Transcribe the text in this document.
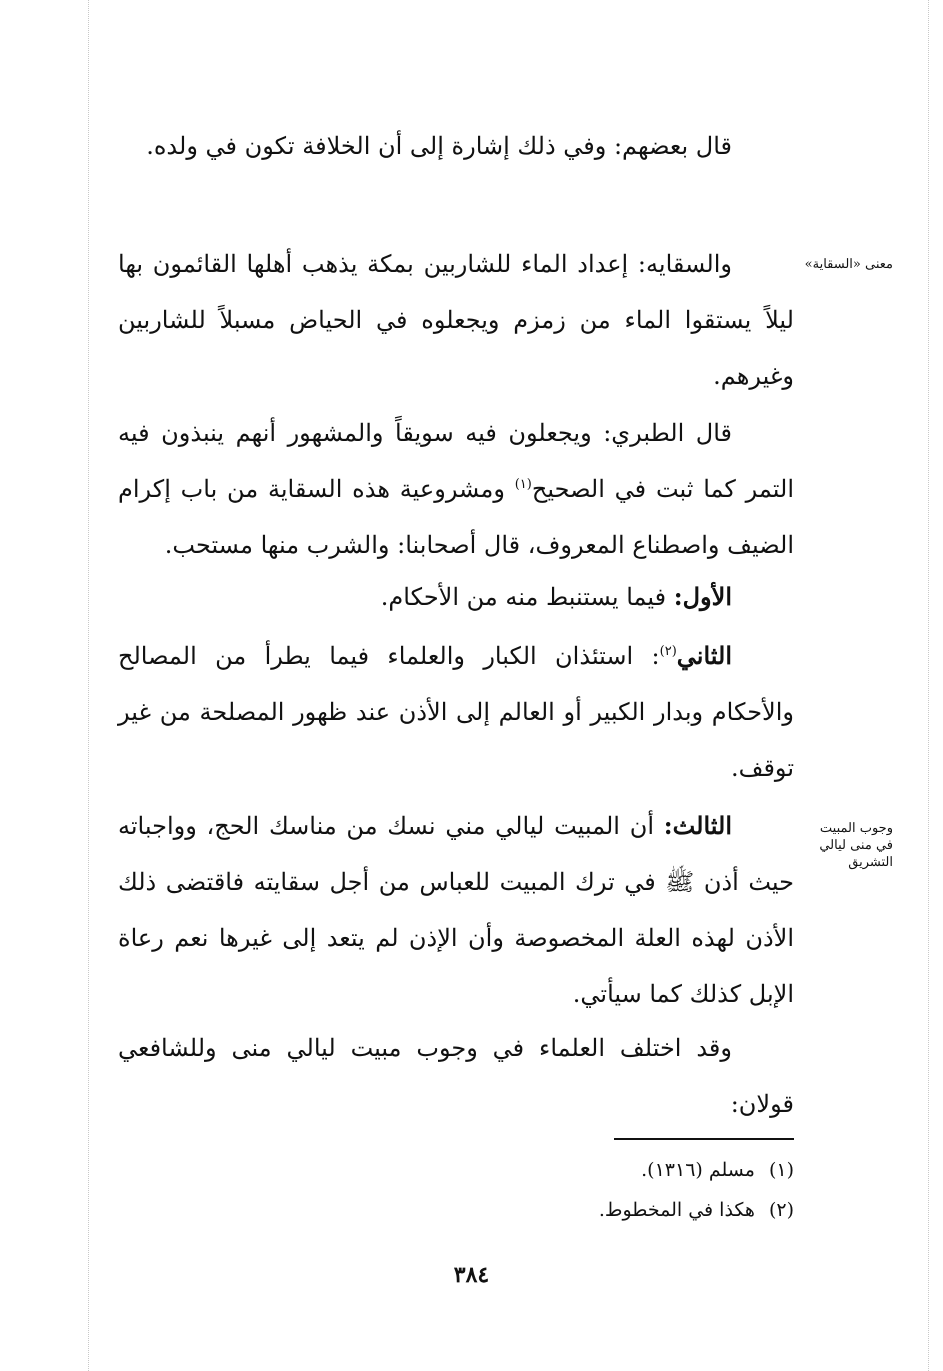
قال بعضهم: وفي ذلك إشارة إلى أن الخلافة تكون في ولده.

والسقايه: إعداد الماء للشاربين بمكة يذهب أهلها القائمون بها ليلاً يستقوا الماء من زمزم ويجعلوه في الحياض مسبلاً للشاربين وغيرهم.

قال الطبري: ويجعلون فيه سويقاً والمشهور أنهم ينبذون فيه التمر كما ثبت في الصحيح$^{(١)}$ ومشروعية هذه السقاية من باب إكرام الضيف واصطناع المعروف، قال أصحابنا: والشرب منها مستحب.

الأول: فيما يستنبط منه من الأحكام.

الثاني$^{(٢)}$: استئذان الكبار والعلماء فيما يطرأ من المصالح والأحكام وبدار الكبير أو العالم إلى الأذن عند ظهور المصلحة من غير توقف.

الثالث: أن المبيت ليالي مني نسك من مناسك الحج، وواجباته حيث أذن ﷺ في ترك المبيت للعباس من أجل سقايته فاقتضى ذلك الأذن لهذه العلة المخصوصة وأن الإذن لم يتعد إلى غيرها نعم رعاة الإبل كذلك كما سيأتي.

وقد اختلف العلماء في وجوب مبيت ليالي منى وللشافعي قولان:

معنى «السقاية»
وجوب المبيت
في منى ليالي
التشريق
(١)
مسلم (١٣١٦).
(٢)
هكذا في المخطوط.
٣٨٤
